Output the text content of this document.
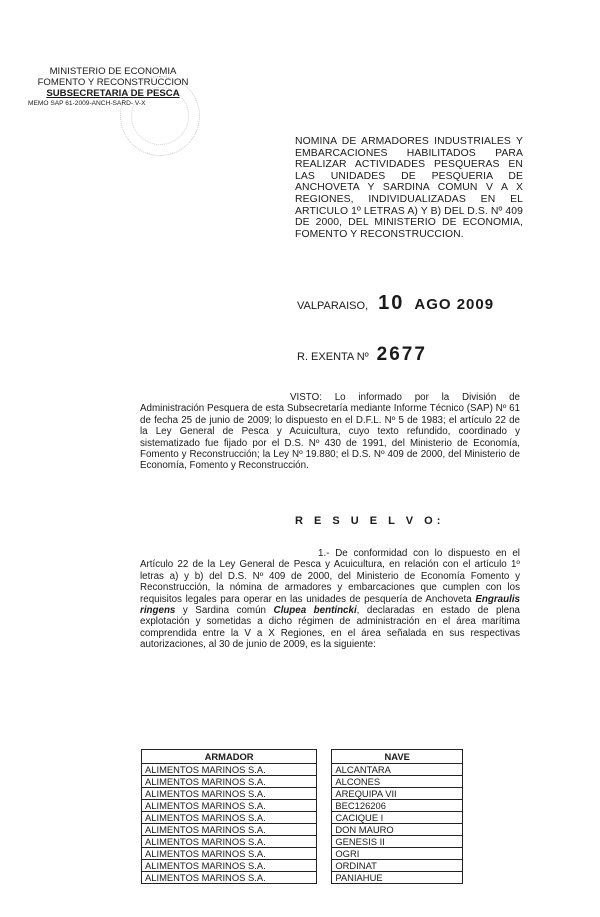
MINISTERIO DE ECONOMIA
FOMENTO Y RECONSTRUCCION
SUBSECRETARIA DE PESCA
MEMO SAP 61-2009-ANCH-SARD- V-X
NOMINA DE ARMADORES INDUSTRIALES Y EMBARCACIONES HABILITADOS PARA REALIZAR ACTIVIDADES PESQUERAS EN LAS UNIDADES DE PESQUERIA DE ANCHOVETA Y SARDINA COMUN V A X REGIONES, INDIVIDUALIZADAS EN EL ARTICULO 1º LETRAS A) Y B) DEL D.S. Nº 409 DE 2000, DEL MINISTERIO DE ECONOMIA, FOMENTO Y RECONSTRUCCION.
VALPARAISO, 10 AGO 2009
R. EXENTA Nº 2677
VISTO: Lo informado por la División de Administración Pesquera de esta Subsecretaría mediante Informe Técnico (SAP) Nº 61 de fecha 25 de junio de 2009; lo dispuesto en el D.F.L. Nº 5 de 1983; el artículo 22 de la Ley General de Pesca y Acuicultura, cuyo texto refundido, coordinado y sistematizado fue fijado por el D.S. Nº 430 de 1991, del Ministerio de Economía, Fomento y Reconstrucción; la Ley Nº 19.880; el D.S. Nº 409 de 2000, del Ministerio de Economía, Fomento y Reconstrucción.
R E S U E L V O:
1.- De conformidad con lo dispuesto en el Artículo 22 de la Ley General de Pesca y Acuicultura, en relación con el artículo 1º letras a) y b) del D.S. Nº 409 de 2000, del Ministerio de Economía Fomento y Reconstrucción, la nómina de armadores y embarcaciones que cumplen con los requisitos legales para operar en las unidades de pesquería de Anchoveta Engraulis ringens y Sardina común Clupea bentincki, declaradas en estado de plena explotación y sometidas a dicho régimen de administración en el área marítima comprendida entre la V a X Regiones, en el área señalada en sus respectivas autorizaciones, al 30 de junio de 2009, es la siguiente:
ARMADOR		NAVE
ALIMENTOS MARINOS S.A.		ALCANTARA
ALIMENTOS MARINOS S.A.		ALCONES
ALIMENTOS MARINOS S.A.		AREQUIPA VII
ALIMENTOS MARINOS S.A.		BEC126206
ALIMENTOS MARINOS S.A.		CACIQUE I
ALIMENTOS MARINOS S.A.		DON MAURO
ALIMENTOS MARINOS S.A.		GENESIS II
ALIMENTOS MARINOS S.A.		OGRI
ALIMENTOS MARINOS S.A.		ORDINAT
ALIMENTOS MARINOS S.A.		PANIAHUE
